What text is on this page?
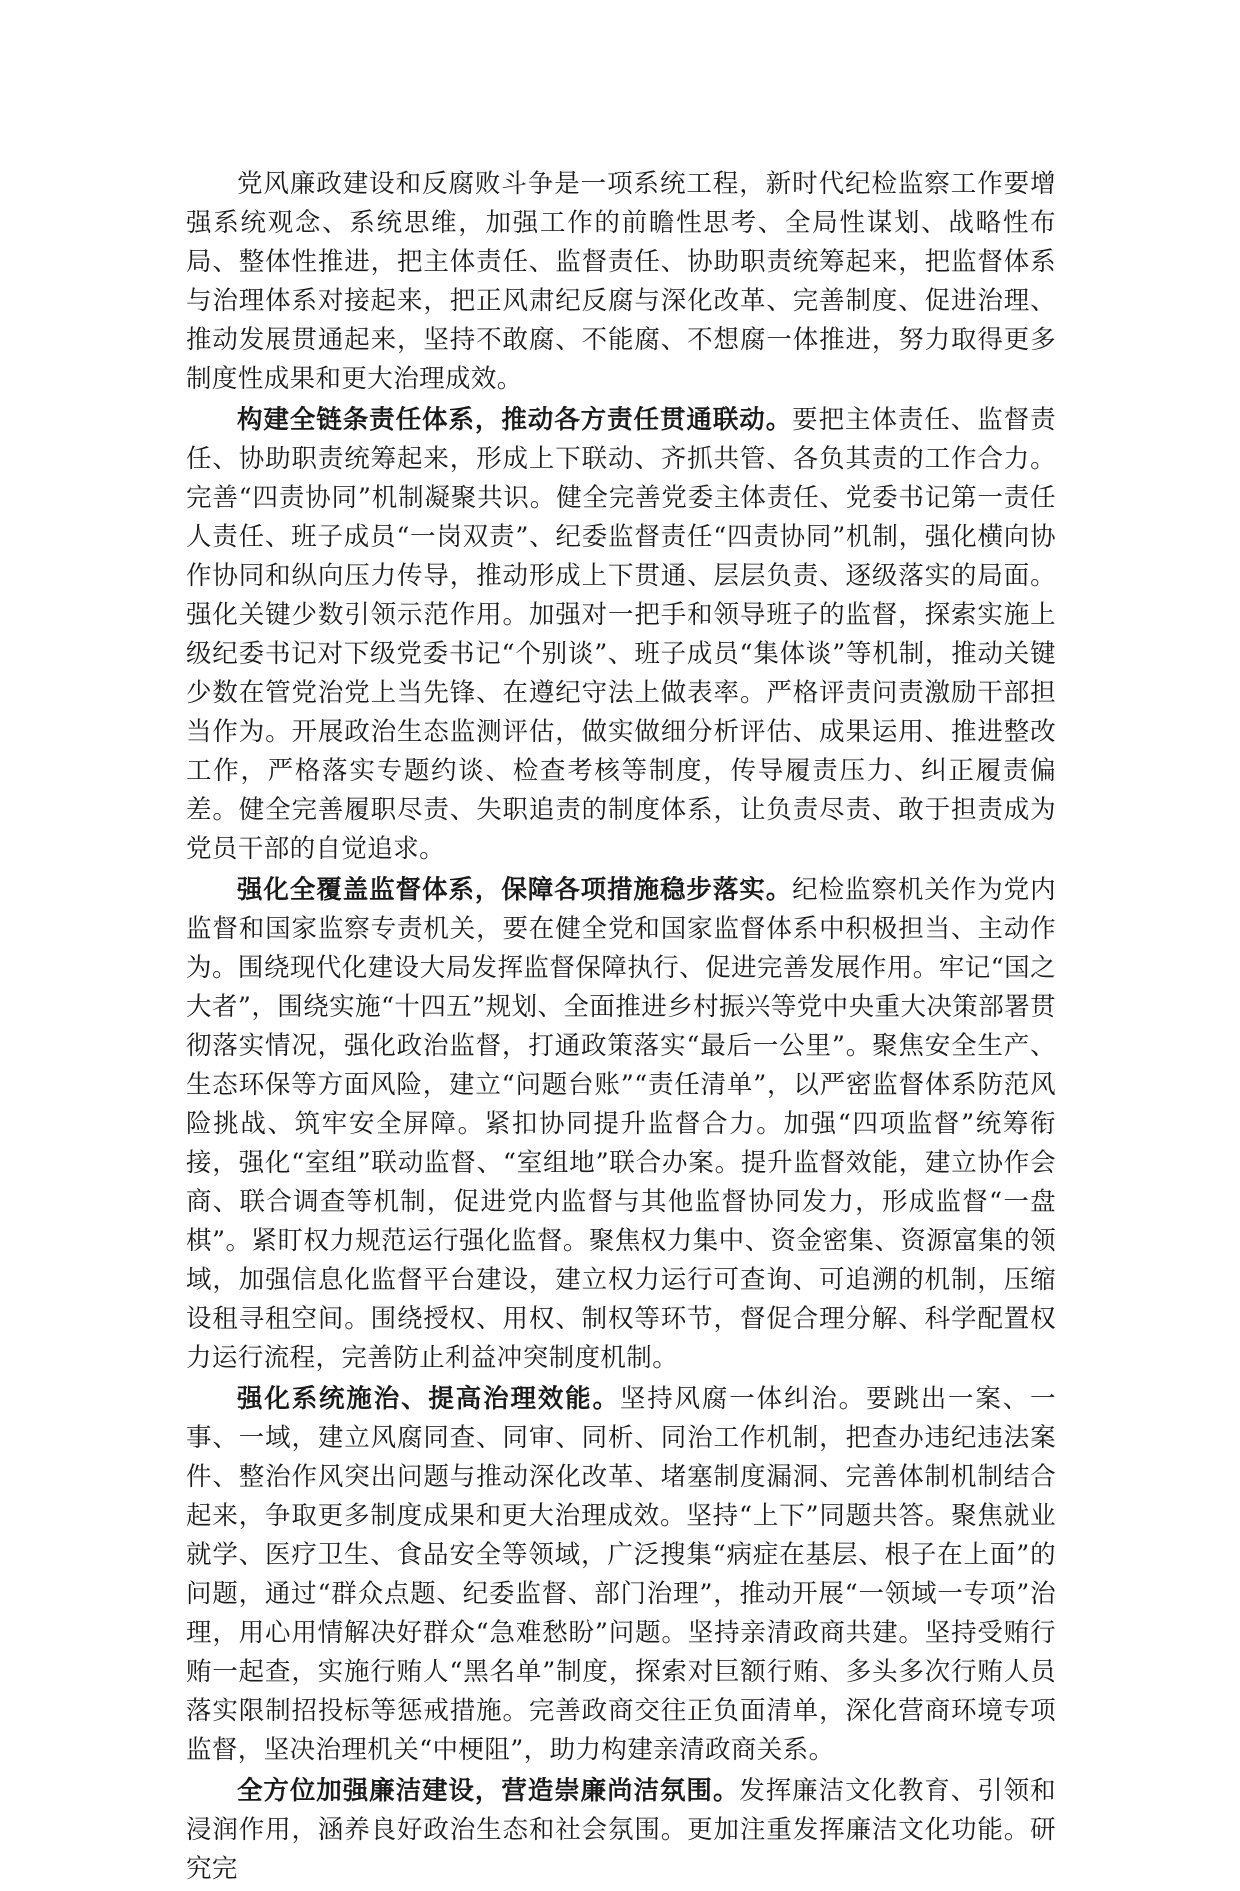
党风廉政建设和反腐败斗争是一项系统工程，新时代纪检监察工作要增强系统观念、系统思维，加强工作的前瞻性思考、全局性谋划、战略性布局、整体性推进，把主体责任、监督责任、协助职责统筹起来，把监督体系与治理体系对接起来，把正风肃纪反腐与深化改革、完善制度、促进治理、推动发展贯通起来，坚持不敢腐、不能腐、不想腐一体推进，努力取得更多制度性成果和更大治理成效。

构建全链条责任体系，推动各方责任贯通联动。要把主体责任、监督责任、协助职责统筹起来，形成上下联动、齐抓共管、各负其责的工作合力。完善“四责协同”机制凝聚共识。健全完善党委主体责任、党委书记第一责任人责任、班子成员“一岗双责”、纪委监督责任“四责协同”机制，强化横向协作协同和纵向压力传导，推动形成上下贯通、层层负责、逐级落实的局面。强化关键少数引领示范作用。加强对一把手和领导班子的监督，探索实施上级纪委书记对下级党委书记“个别谈”、班子成员“集体谈”等机制，推动关键少数在管党治党上当先锋、在遵纪守法上做表率。严格评责问责激励干部担当作为。开展政治生态监测评估，做实做细分析评估、成果运用、推进整改工作，严格落实专题约谈、检查考核等制度，传导履责压力、纠正履责偏差。健全完善履职尽责、失职追责的制度体系，让负责尽责、敢于担责成为党员干部的自觉追求。

强化全覆盖监督体系，保障各项措施稳步落实。纪检监察机关作为党内监督和国家监察专责机关，要在健全党和国家监督体系中积极担当、主动作为。围绕现代化建设大局发挥监督保障执行、促进完善发展作用。牢记“国之大者”，围绕实施“十四五”规划、全面推进乡村振兴等党中央重大决策部署贯彻落实情况，强化政治监督，打通政策落实“最后一公里”。聚焦安全生产、生态环保等方面风险，建立“问题台账”“责任清单”，以严密监督体系防范风险挑战、筑牢安全屏障。紧扣协同提升监督合力。加强“四项监督”统筹衔接，强化“室组”联动监督、“室组地”联合办案。提升监督效能，建立协作会商、联合调查等机制，促进党内监督与其他监督协同发力，形成监督“一盘棋”。紧盯权力规范运行强化监督。聚焦权力集中、资金密集、资源富集的领域，加强信息化监督平台建设，建立权力运行可查询、可追溯的机制，压缩设租寻租空间。围绕授权、用权、制权等环节，督促合理分解、科学配置权力运行流程，完善防止利益冲突制度机制。

强化系统施治、提高治理效能。坚持风腐一体纠治。要跳出一案、一事、一域，建立风腐同查、同审、同析、同治工作机制，把查办违纪违法案件、整治作风突出问题与推动深化改革、堵塞制度漏洞、完善体制机制结合起来，争取更多制度成果和更大治理成效。坚持“上下”同题共答。聚焦就业就学、医疗卫生、食品安全等领域，广泛搜集“病症在基层、根子在上面”的问题，通过“群众点题、纪委监督、部门治理”，推动开展“一领域一专项”治理，用心用情解决好群众“急难愁盼”问题。坚持亲清政商共建。坚持受贿行贿一起查，实施行贿人“黑名单”制度，探索对巨额行贿、多头多次行贿人员落实限制招投标等惩戒措施。完善政商交往正负面清单，深化营商环境专项监督，坚决治理机关“中梗阻”，助力构建亲清政商关系。

全方位加强廉洁建设，营造崇廉尚洁氛围。发挥廉洁文化教育、引领和浸润作用，涵养良好政治生态和社会氛围。更加注重发挥廉洁文化功能。研究完
